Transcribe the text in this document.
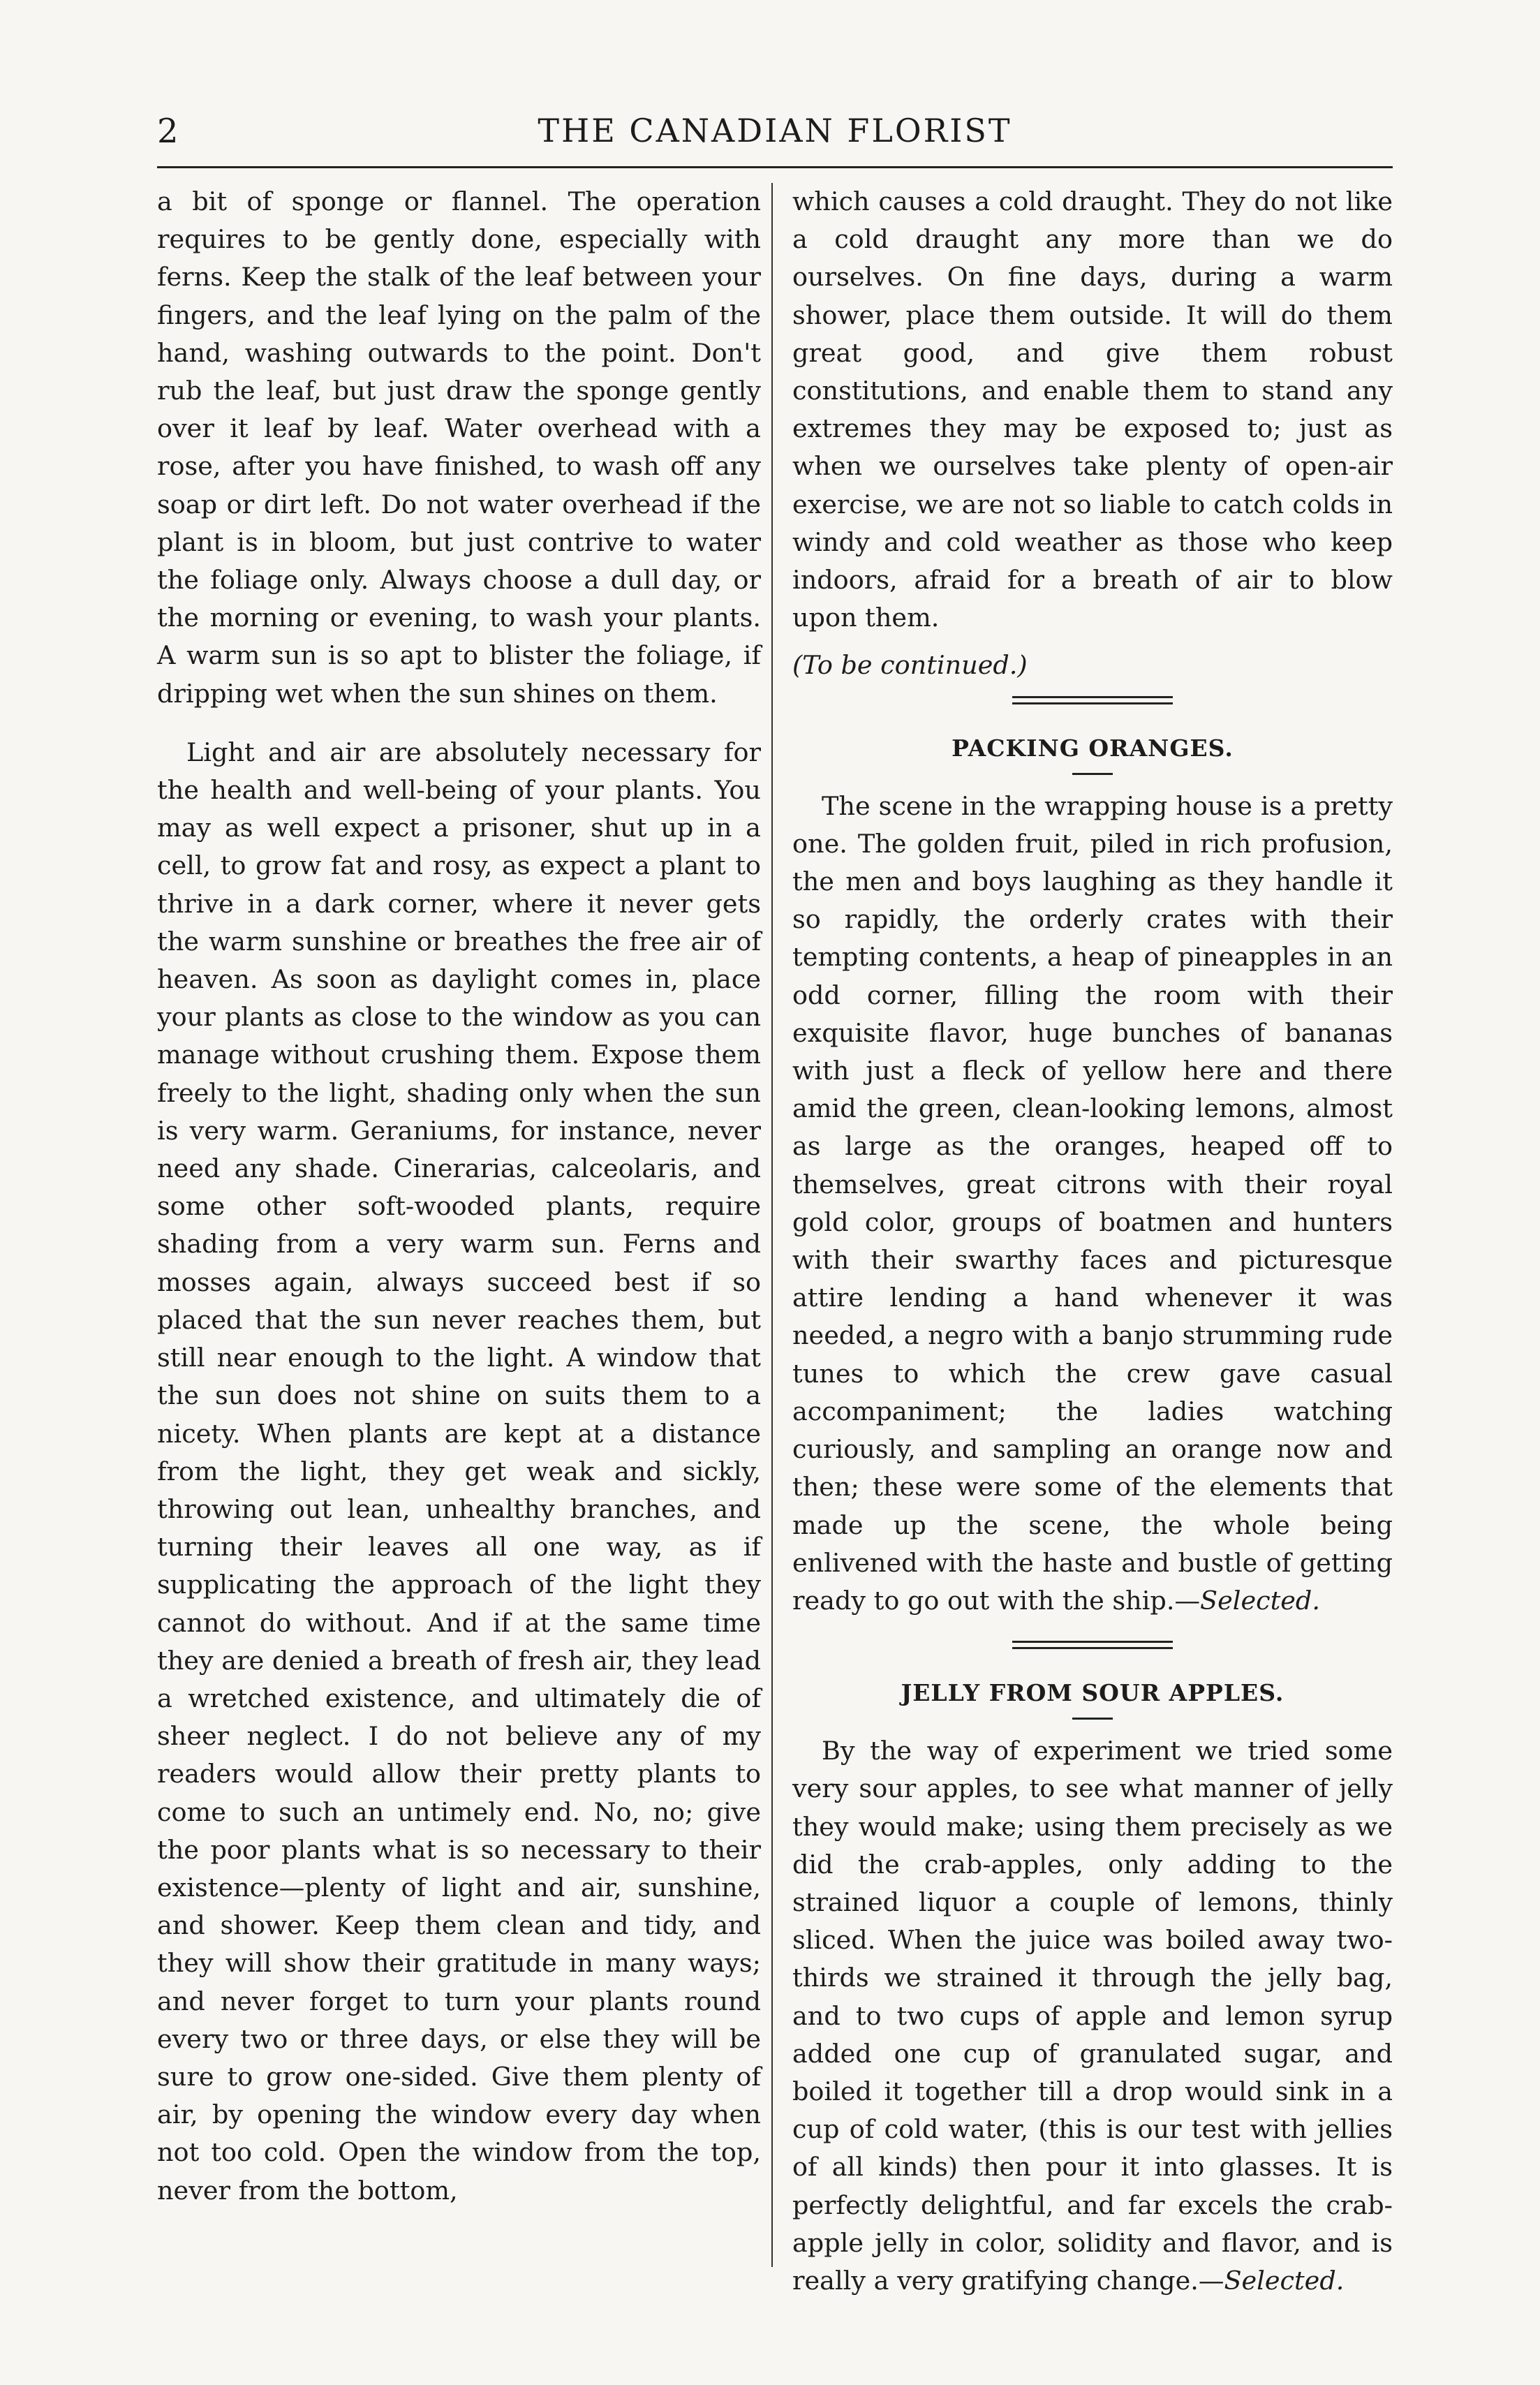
2	THE CANADIAN FLORIST

a bit of sponge or flannel. The operation requires to be gently done, especially with ferns. Keep the stalk of the leaf between your fingers, and the leaf lying on the palm of the hand, washing outwards to the point. Don't rub the leaf, but just draw the sponge gently over it leaf by leaf. Water overhead with a rose, after you have finished, to wash off any soap or dirt left. Do not water overhead if the plant is in bloom, but just contrive to water the foliage only. Always choose a dull day, or the morning or evening, to wash your plants. A warm sun is so apt to blister the foliage, if dripping wet when the sun shines on them.

Light and air are absolutely necessary for the health and well-being of your plants. You may as well expect a prisoner, shut up in a cell, to grow fat and rosy, as expect a plant to thrive in a dark corner, where it never gets the warm sunshine or breathes the free air of heaven. As soon as daylight comes in, place your plants as close to the window as you can manage without crushing them. Expose them freely to the light, shading only when the sun is very warm. Geraniums, for instance, never need any shade. Cinerarias, calceolaris, and some other soft-wooded plants, require shading from a very warm sun. Ferns and mosses again, always succeed best if so placed that the sun never reaches them, but still near enough to the light. A window that the sun does not shine on suits them to a nicety. When plants are kept at a distance from the light, they get weak and sickly, throwing out lean, unhealthy branches, and turning their leaves all one way, as if supplicating the approach of the light they cannot do without. And if at the same time they are denied a breath of fresh air, they lead a wretched existence, and ultimately die of sheer neglect. I do not believe any of my readers would allow their pretty plants to come to such an untimely end. No, no; give the poor plants what is so necessary to their existence—plenty of light and air, sunshine, and shower. Keep them clean and tidy, and they will show their gratitude in many ways; and never forget to turn your plants round every two or three days, or else they will be sure to grow one-sided. Give them plenty of air, by opening the window every day when not too cold. Open the window from the top, never from the bottom,

which causes a cold draught. They do not like a cold draught any more than we do ourselves. On fine days, during a warm shower, place them outside. It will do them great good, and give them robust constitutions, and enable them to stand any extremes they may be exposed to; just as when we ourselves take plenty of open-air exercise, we are not so liable to catch colds in windy and cold weather as those who keep indoors, afraid for a breath of air to blow upon them.

(To be continued.)

PACKING ORANGES.

The scene in the wrapping house is a pretty one. The golden fruit, piled in rich profusion, the men and boys laughing as they handle it so rapidly, the orderly crates with their tempting contents, a heap of pineapples in an odd corner, filling the room with their exquisite flavor, huge bunches of bananas with just a fleck of yellow here and there amid the green, clean-looking lemons, almost as large as the oranges, heaped off to themselves, great citrons with their royal gold color, groups of boatmen and hunters with their swarthy faces and picturesque attire lending a hand whenever it was needed, a negro with a banjo strumming rude tunes to which the crew gave casual accompaniment; the ladies watching curiously, and sampling an orange now and then; these were some of the elements that made up the scene, the whole being enlivened with the haste and bustle of getting ready to go out with the ship.—Selected.

JELLY FROM SOUR APPLES.

By the way of experiment we tried some very sour apples, to see what manner of jelly they would make; using them precisely as we did the crab-apples, only adding to the strained liquor a couple of lemons, thinly sliced. When the juice was boiled away two-thirds we strained it through the jelly bag, and to two cups of apple and lemon syrup added one cup of granulated sugar, and boiled it together till a drop would sink in a cup of cold water, (this is our test with jellies of all kinds) then pour it into glasses. It is perfectly delightful, and far excels the crab-apple jelly in color, solidity and flavor, and is really a very gratifying change.—Selected.
